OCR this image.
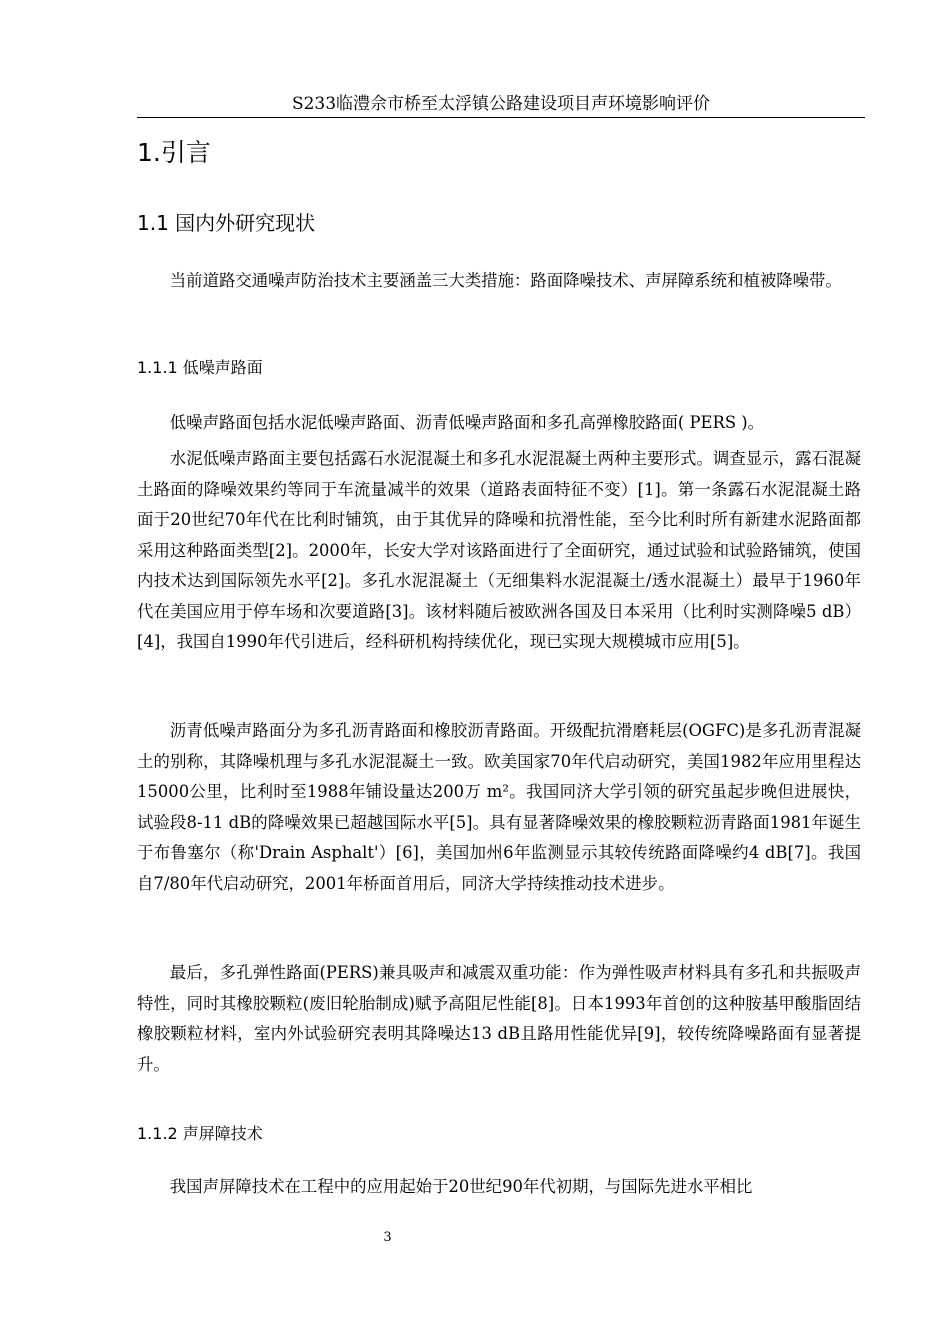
S233临澧佘市桥至太浮镇公路建设项目声环境影响评价
1.引言
1.1 国内外研究现状

当前道路交通噪声防治技术主要涵盖三大类措施：路面降噪技术、声屏障系统和植被降噪带。

1.1.1 低噪声路面

低噪声路面包括水泥低噪声路面、沥青低噪声路面和多孔高弹橡胶路面( PERS )。

水泥低噪声路面主要包括露石水泥混凝土和多孔水泥混凝土两种主要形式。调查显示，露石混凝土路面的降噪效果约等同于车流量减半的效果（道路表面特征不变）[1]。第一条露石水泥混凝土路面于20世纪70年代在比利时铺筑，由于其优异的降噪和抗滑性能，至今比利时所有新建水泥路面都采用这种路面类型[2]。2000年，长安大学对该路面进行了全面研究，通过试验和试验路铺筑，使国内技术达到国际领先水平[2]。多孔水泥混凝土（无细集料水泥混凝土/透水混凝土）最早于1960年代在美国应用于停车场和次要道路[3]。该材料随后被欧洲各国及日本采用（比利时实测降噪5 dB）[4]，我国自1990年代引进后，经科研机构持续优化，现已实现大规模城市应用[5]。

沥青低噪声路面分为多孔沥青路面和橡胶沥青路面。开级配抗滑磨耗层(OGFC)是多孔沥青混凝土的别称，其降噪机理与多孔水泥混凝土一致。欧美国家70年代启动研究，美国1982年应用里程达15000公里，比利时至1988年铺设量达200万 m²。我国同济大学引领的研究虽起步晚但进展快，试验段8-11 dB的降噪效果已超越国际水平[5]。具有显著降噪效果的橡胶颗粒沥青路面1981年诞生于布鲁塞尔（称'Drain Asphalt'）[6]，美国加州6年监测显示其较传统路面降噪约4 dB[7]。我国自7/80年代启动研究，2001年桥面首用后，同济大学持续推动技术进步。

最后，多孔弹性路面(PERS)兼具吸声和减震双重功能：作为弹性吸声材料具有多孔和共振吸声特性，同时其橡胶颗粒(废旧轮胎制成)赋予高阻尼性能[8]。日本1993年首创的这种胺基甲酸脂固结橡胶颗粒材料，室内外试验研究表明其降噪达13 dB且路用性能优异[9]，较传统降噪路面有显著提升。

1.1.2 声屏障技术

我国声屏障技术在工程中的应用起始于20世纪90年代初期，与国际先进水平相比

3
